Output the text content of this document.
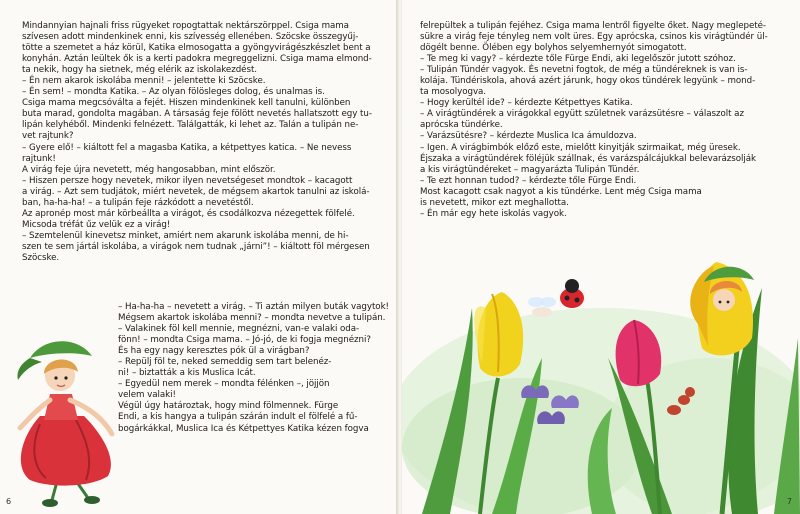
Mindannyian hajnali friss rügyeket ropogtattak nektárszörppel. Csiga mama

szívesen adott mindenkinek enni, kis szívesség ellenében. Szöcske összegyűj-

tötte a szemetet a ház körül, Katika elmosogatta a gyöngyvirágészkészlet bent a

konyhán. Aztán leültek ők is a kerti padokra megreggelizni. Csiga mama elmond-

ta nekik, hogy ha sietnek, még elérik az iskolakezdést.

– Én nem akarok iskolába menni! – jelentette ki Szöcske.

– Én sem! – mondta Katika. – Az olyan fölösleges dolog, és unalmas is.

Csiga mama megcsóválta a fejét. Hiszen mindenkinek kell tanulni, különben

buta marad, gondolta magában. A társaság feje fölött nevetés hallatszott egy tu-

lipán kelyhéből. Mindenki felnézett. Találgatták, ki lehet az. Talán a tulipán ne-

vet rajtunk?

– Gyere elő! – kiáltott fel a magasba Katika, a kétpettyes katica. – Ne nevess

rajtunk!

A virág feje újra nevetett, még hangosabban, mint először.

– Hiszen persze hogy nevetek, mikor ilyen nevetségeset mondtok – kacagott

a virág. – Azt sem tudjátok, miért nevetek, de mégsem akartok tanulni az iskolá-

ban, ha-ha-ha! – a tulipán feje rázkódott a nevetéstől.

Az apronép most már körbeállta a virágot, és csodálkozva nézegettek fölfelé.

Micsoda tréfát űz velük ez a virág!

– Szemtelenül kinevetsz minket, amiért nem akarunk iskolába menni, de hi-

szen te sem jártál iskolába, a virágok nem tudnak „járni”! – kiáltott föl mérgesen

Szöcske.

– Ha-ha-ha – nevetett a virág. – Ti aztán milyen buták vagytok!

Mégsem akartok iskolába menni? – mondta nevetve a tulipán.

– Valakinek föl kell mennie, megnézni, van-e valaki oda-

fönn! – mondta Csiga mama. – Jó-jó, de ki fogja megnézni?

És ha egy nagy keresztes pók ül a virágban?

– Repülj föl te, neked semeddig sem tart belenéz-

ni! – biztatták a kis Muslica Icát.

– Egyedül nem merek – mondta félénken –, jöjjön

velem valaki!

Végül úgy határoztak, hogy mind fölmennek. Fürge

Endi, a kis hangya a tulipán szárán indult el fölfelé a fű-

bogárkákkal, Muslica Ica és Kétpettyes Katika kézen fogva

6

felrepültek a tulipán fejéhez. Csiga mama lentről figyelte őket. Nagy meglepeté-

sükre a virág feje tényleg nem volt üres. Egy aprócska, csinos kis virágtündér ül-

dögélt benne. Ölében egy bolyhos selyemhernyót simogatott.

– Te meg ki vagy? – kérdezte tőle Fürge Endi, aki legelőször jutott szóhoz.

– Tulipán Tündér vagyok. És nevetni fogtok, de még a tündéreknek is van is-

kolája. Tündériskola, ahová azért járunk, hogy okos tündérek legyünk – mond-

ta mosolyogva.

– Hogy kerültél ide? – kérdezte Kétpettyes Katika.

– A virágtündérek a virágokkal együtt születnek varázsütésre – válaszolt az

aprócska tündérke.

– Varázsütésre? – kérdezte Muslica Ica ámuldozva.

– Igen. A virágbimbók előző este, mielőtt kinyitják szirmaikat, még üresek.

Éjszaka a virágtündérek föléjük szállnak, és varázspálcájukkal belevarázsolják

a kis virágtündéreket – magyarázta Tulipán Tündér.

– Te ezt honnan tudod? – kérdezte tőle Fürge Endi.

Most kacagott csak nagyot a kis tündérke. Lent még Csiga mama

is nevetett, mikor ezt meghallotta.

– Én már egy hete iskolás vagyok.

7
